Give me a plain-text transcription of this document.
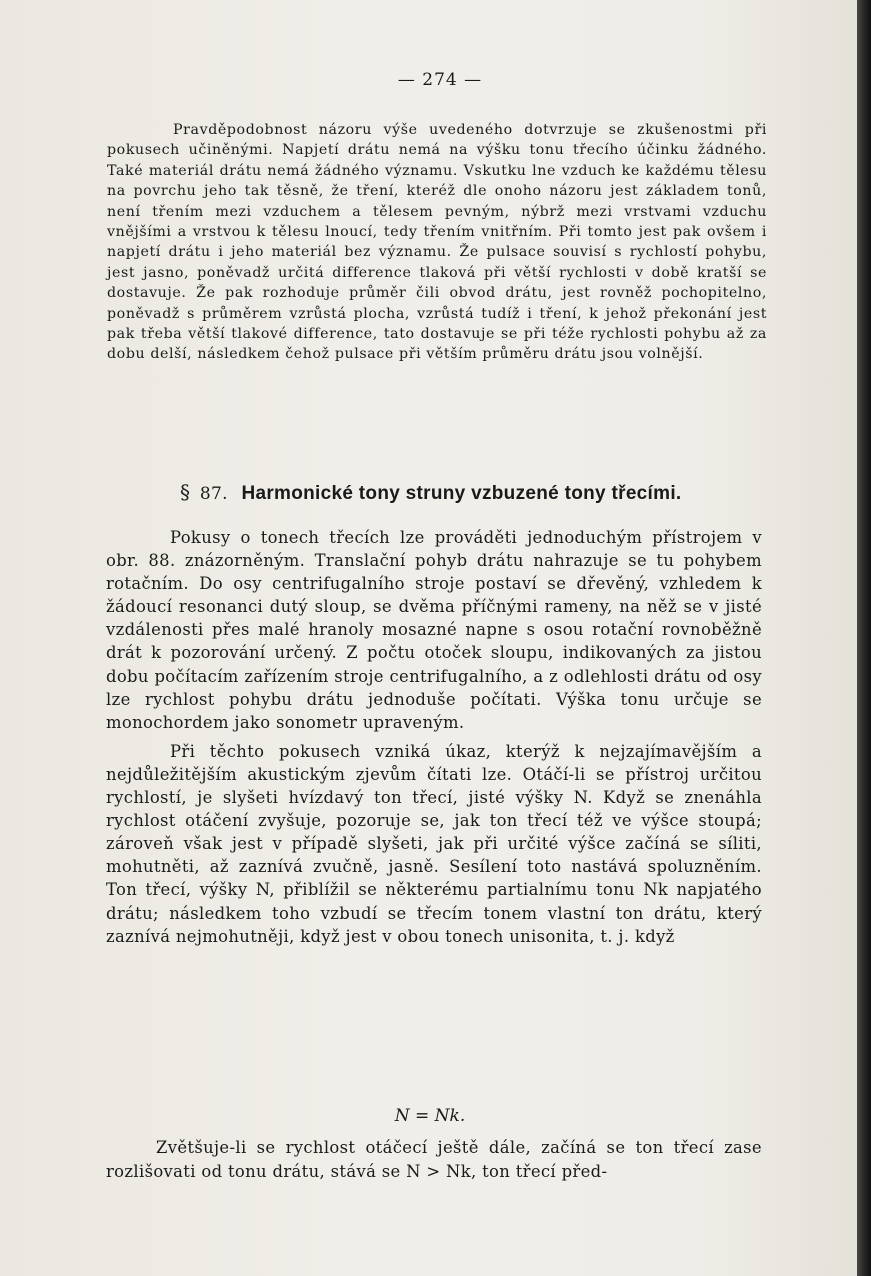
— 274 —

Pravděpodobnost názoru výše uvedeného dotvrzuje se zkušenostmi při pokusech učiněnými. Napjetí drátu nemá na výšku tonu třecího účinku žádného. Také materiál drátu nemá žádného významu. Vskutku lne vzduch ke každému tělesu na povrchu jeho tak těsně, že tření, kteréž dle onoho názoru jest základem tonů, není třením mezi vzduchem a tělesem pevným, nýbrž mezi vrstvami vzduchu vnějšími a vrstvou k tělesu lnoucí, tedy třením vnitřním. Při tomto jest pak ovšem i napjetí drátu i jeho materiál bez významu. Že pulsace souvisí s rychlostí pohybu, jest jasno, poněvadž určitá difference tlaková při větší rychlosti v době kratší se dostavuje. Že pak rozhoduje průměr čili obvod drátu, jest rovněž pochopitelno, poněvadž s průměrem vzrůstá plocha, vzrůstá tudíž i tření, k jehož překonání jest pak třeba větší tlakové difference, tato dostavuje se při téže rychlosti pohybu až za dobu delší, následkem čehož pulsace při větším průměru drátu jsou volnější.

§ 87. Harmonické tony struny vzbuzené tony třecími.

Pokusy o tonech třecích lze prováděti jednoduchým přístrojem v obr. 88. znázorněným. Translační pohyb drátu nahrazuje se tu pohybem rotačním. Do osy centrifugalního stroje postaví se dřevěný, vzhledem k žádoucí resonanci dutý sloup, se dvěma příčnými rameny, na něž se v jisté vzdálenosti přes malé hranoly mosazné napne s osou rotační rovnoběžně drát k pozorování určený. Z počtu otoček sloupu, indikovaných za jistou dobu počítacím zařízením stroje centrifugalního, a z odlehlosti drátu od osy lze rychlost pohybu drátu jednoduše počítati. Výška tonu určuje se monochordem jako sonometr upraveným.

Při těchto pokusech vzniká úkaz, kterýž k nejzajímavějším a nejdůležitějším akustickým zjevům čítati lze. Otáčí-li se přístroj určitou rychlostí, je slyšeti hvízdavý ton třecí, jisté výšky N. Když se znenáhla rychlost otáčení zvyšuje, pozoruje se, jak ton třecí též ve výšce stoupá; zároveň však jest v případě slyšeti, jak při určité výšce začíná se síliti, mohutněti, až zaznívá zvučně, jasně. Sesílení toto nastává spoluzněním. Ton třecí, výšky N, přiblížil se některému partialnímu tonu Nk napjatého drátu; následkem toho vzbudí se třecím tonem vlastní ton drátu, který zaznívá nejmohutněji, když jest v obou tonech unisonita, t. j. když

N = Nk.

Zvětšuje-li se rychlost otáčecí ještě dále, začíná se ton třecí zase rozlišovati od tonu drátu, stává se N > Nk, ton třecí před-
